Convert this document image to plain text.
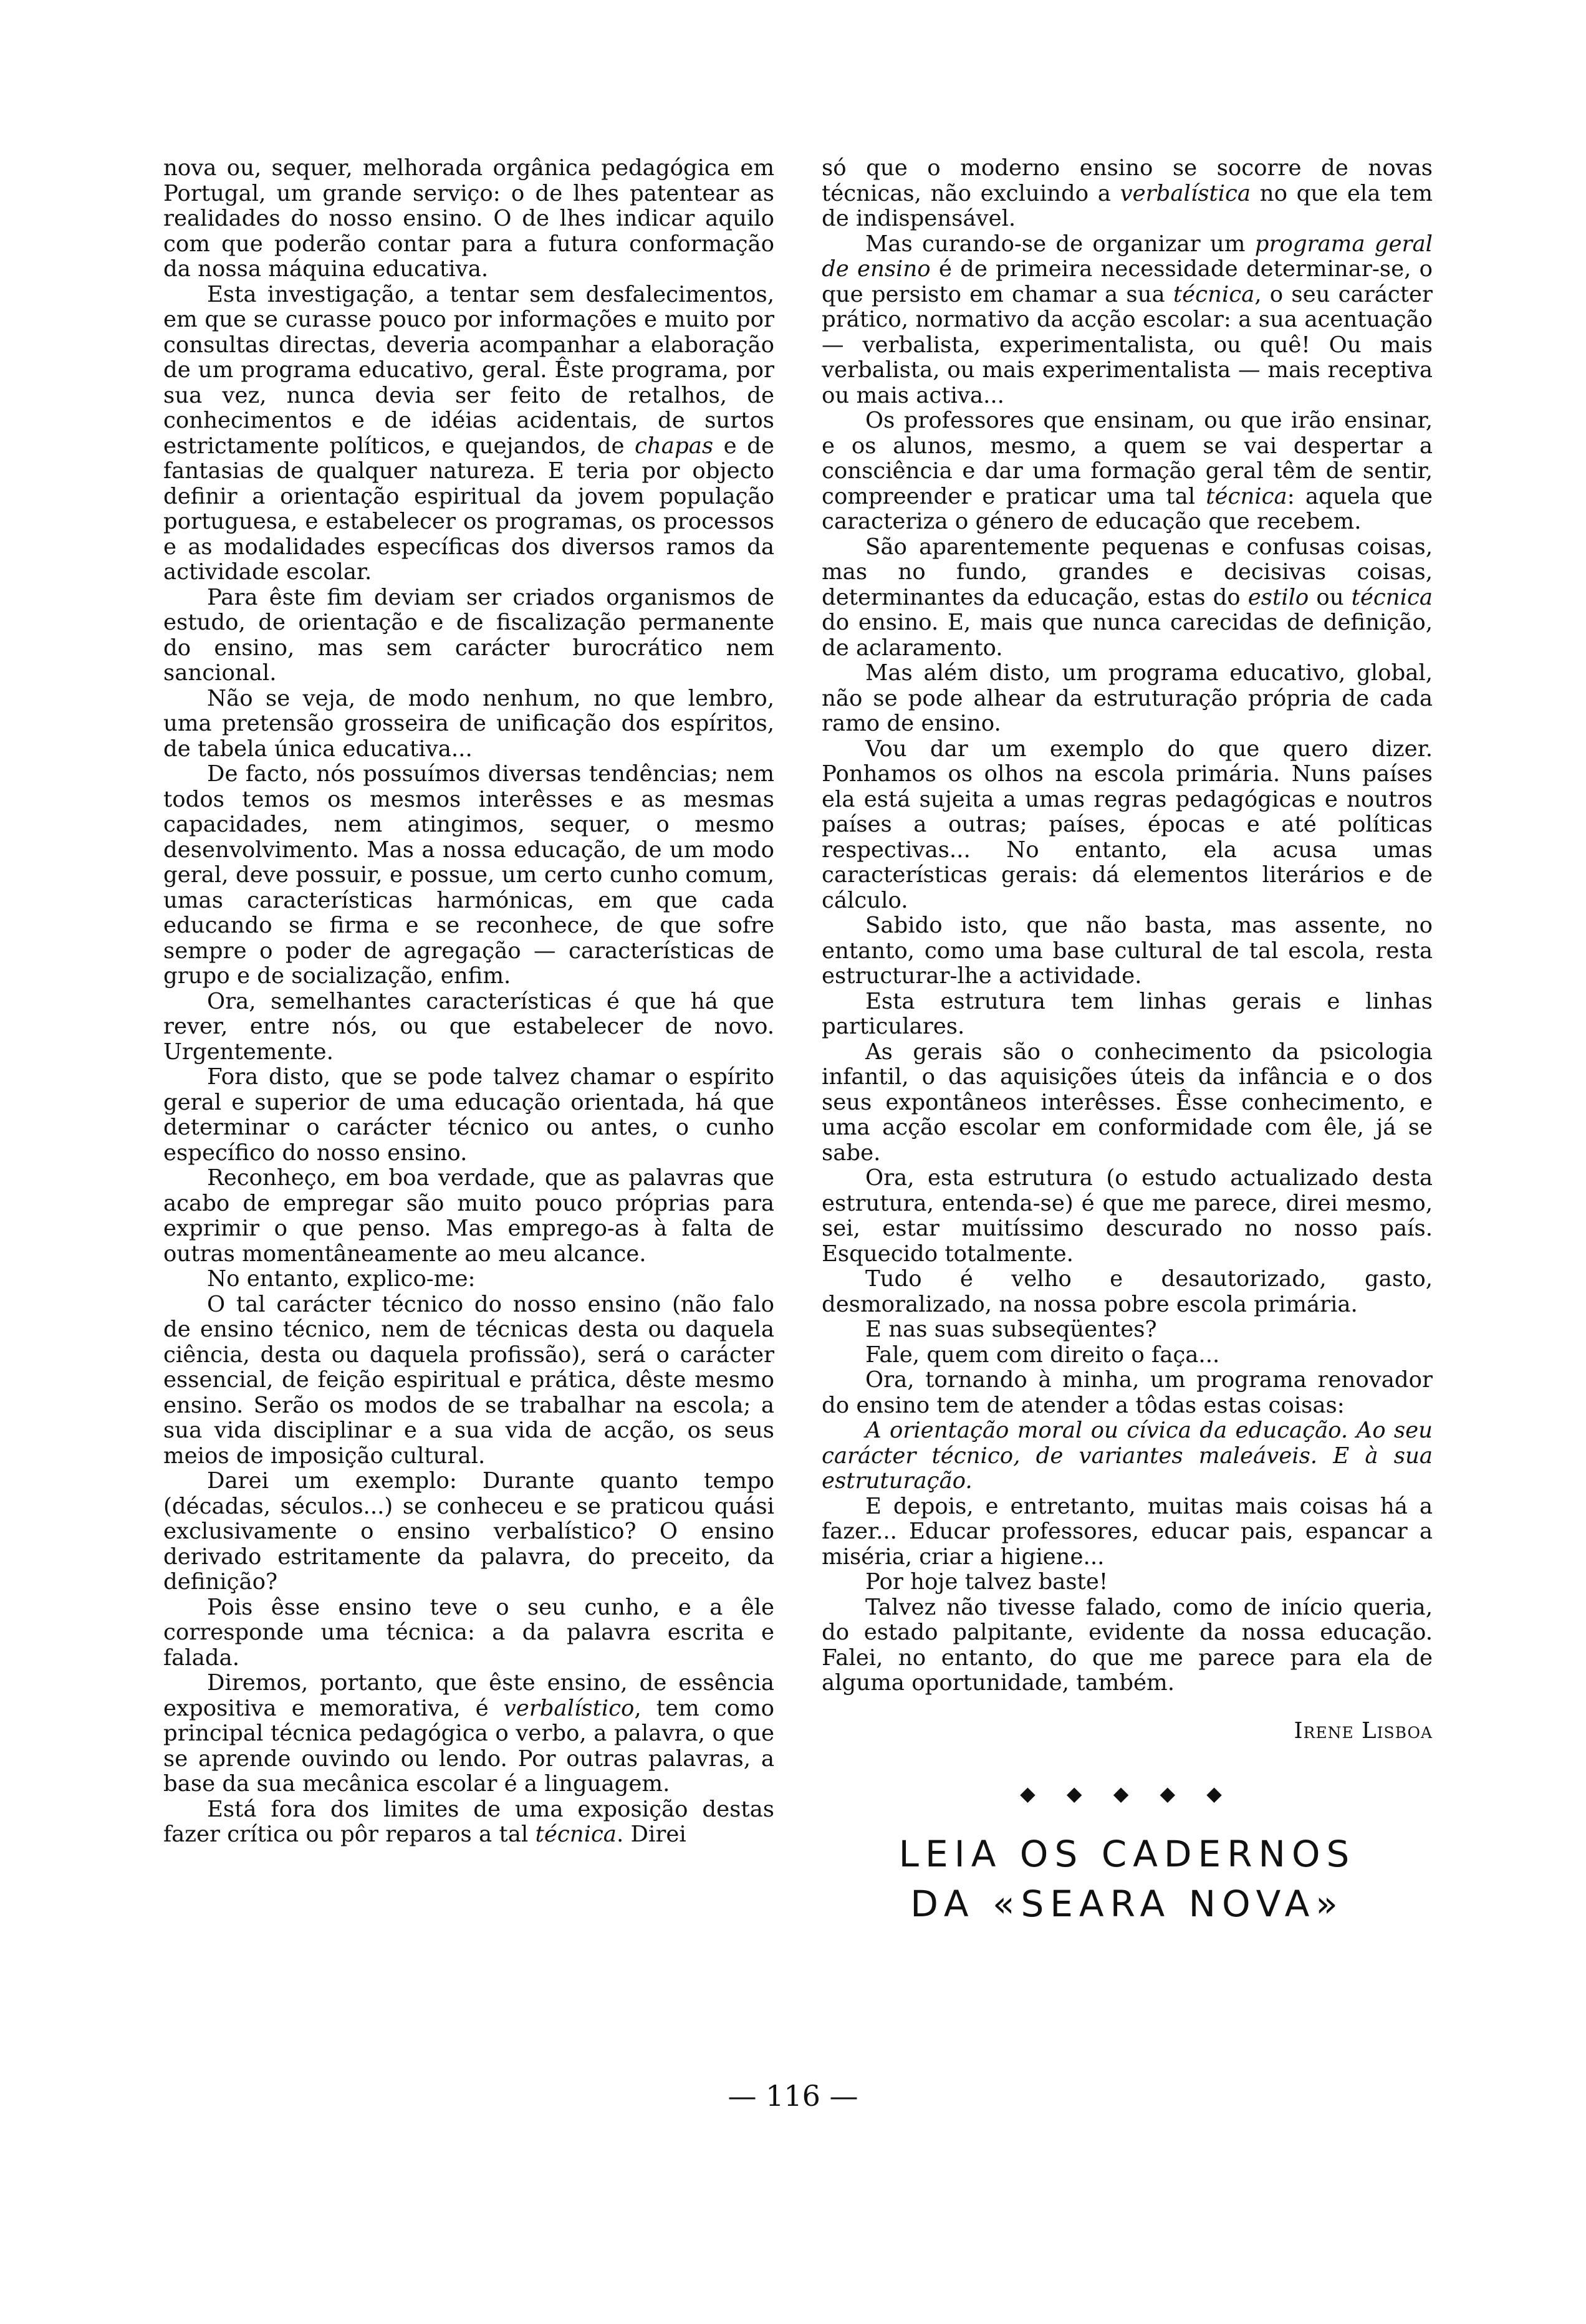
nova ou, sequer, melhorada orgânica pedagógica em Portugal, um grande serviço: o de lhes patentear as realidades do nosso ensino. O de lhes indicar aquilo com que poderão contar para a futura conformação da nossa máquina educativa.

Esta investigação, a tentar sem desfalecimentos, em que se curasse pouco por informações e muito por consultas directas, deveria acompanhar a elaboração de um programa educativo, geral. Êste programa, por sua vez, nunca devia ser feito de retalhos, de conhecimentos e de idéias acidentais, de surtos estrictamente políticos, e quejandos, de chapas e de fantasias de qualquer natureza. E teria por objecto definir a orientação espiritual da jovem população portuguesa, e estabelecer os programas, os processos e as modalidades específicas dos diversos ramos da actividade escolar.

Para êste fim deviam ser criados organismos de estudo, de orientação e de fiscalização permanente do ensino, mas sem carácter burocrático nem sancional.

Não se veja, de modo nenhum, no que lembro, uma pretensão grosseira de unificação dos espíritos, de tabela única educativa...

De facto, nós possuímos diversas tendências; nem todos temos os mesmos interêsses e as mesmas capacidades, nem atingimos, sequer, o mesmo desenvolvimento. Mas a nossa educação, de um modo geral, deve possuir, e possue, um certo cunho comum, umas características harmónicas, em que cada educando se firma e se reconhece, de que sofre sempre o poder de agregação — características de grupo e de socialização, enfim.

Ora, semelhantes características é que há que rever, entre nós, ou que estabelecer de novo. Urgentemente.

Fora disto, que se pode talvez chamar o espírito geral e superior de uma educação orientada, há que determinar o carácter técnico ou antes, o cunho específico do nosso ensino.

Reconheço, em boa verdade, que as palavras que acabo de empregar são muito pouco próprias para exprimir o que penso. Mas emprego-as à falta de outras momentâneamente ao meu alcance.

No entanto, explico-me:

O tal carácter técnico do nosso ensino (não falo de ensino técnico, nem de técnicas desta ou daquela ciência, desta ou daquela profissão), será o carácter essencial, de feição espiritual e prática, dêste mesmo ensino. Serão os modos de se trabalhar na escola; a sua vida disciplinar e a sua vida de acção, os seus meios de imposição cultural.

Darei um exemplo: Durante quanto tempo (décadas, séculos...) se conheceu e se praticou quási exclusivamente o ensino verbalístico? O ensino derivado estritamente da palavra, do preceito, da definição?

Pois êsse ensino teve o seu cunho, e a êle corresponde uma técnica: a da palavra escrita e falada.

Diremos, portanto, que êste ensino, de essência expositiva e memorativa, é verbalístico, tem como principal técnica pedagógica o verbo, a palavra, o que se aprende ouvindo ou lendo. Por outras palavras, a base da sua mecânica escolar é a linguagem.

Está fora dos limites de uma exposição destas fazer crítica ou pôr reparos a tal técnica. Direi

só que o moderno ensino se socorre de novas técnicas, não excluindo a verbalística no que ela tem de indispensável.

Mas curando-se de organizar um programa geral de ensino é de primeira necessidade determinar-se, o que persisto em chamar a sua técnica, o seu carácter prático, normativo da acção escolar: a sua acentuação — verbalista, experimentalista, ou quê! Ou mais verbalista, ou mais experimentalista — mais receptiva ou mais activa...

Os professores que ensinam, ou que irão ensinar, e os alunos, mesmo, a quem se vai despertar a consciência e dar uma formação geral têm de sentir, compreender e praticar uma tal técnica: aquela que caracteriza o género de educação que recebem.

São aparentemente pequenas e confusas coisas, mas no fundo, grandes e decisivas coisas, determinantes da educação, estas do estilo ou técnica do ensino. E, mais que nunca carecidas de definição, de aclaramento.

Mas além disto, um programa educativo, global, não se pode alhear da estruturação própria de cada ramo de ensino.

Vou dar um exemplo do que quero dizer. Ponhamos os olhos na escola primária. Nuns países ela está sujeita a umas regras pedagógicas e noutros países a outras; países, épocas e até políticas respectivas... No entanto, ela acusa umas características gerais: dá elementos literários e de cálculo.

Sabido isto, que não basta, mas assente, no entanto, como uma base cultural de tal escola, resta estructurar-lhe a actividade.

Esta estrutura tem linhas gerais e linhas particulares.

As gerais são o conhecimento da psicologia infantil, o das aquisições úteis da infância e o dos seus expontâneos interêsses. Êsse conhecimento, e uma acção escolar em conformidade com êle, já se sabe.

Ora, esta estrutura (o estudo actualizado desta estrutura, entenda-se) é que me parece, direi mesmo, sei, estar muitíssimo descurado no nosso país. Esquecido totalmente.

Tudo é velho e desautorizado, gasto, desmoralizado, na nossa pobre escola primária.

E nas suas subseqüentes?

Fale, quem com direito o faça...

Ora, tornando à minha, um programa renovador do ensino tem de atender a tôdas estas coisas:

A orientação moral ou cívica da educação. Ao seu carácter técnico, de variantes maleáveis. E à sua estruturação.

E depois, e entretanto, muitas mais coisas há a fazer... Educar professores, educar pais, espancar a miséria, criar a higiene...

Por hoje talvez baste!

Talvez não tivesse falado, como de início queria, do estado palpitante, evidente da nossa educação. Falei, no entanto, do que me parece para ela de alguma oportunidade, também.

Irene Lisboa

◆ ◆ ◆ ◆ ◆
LEIA OS CADERNOS
DA «SEARA NOVA»
— 116 —
